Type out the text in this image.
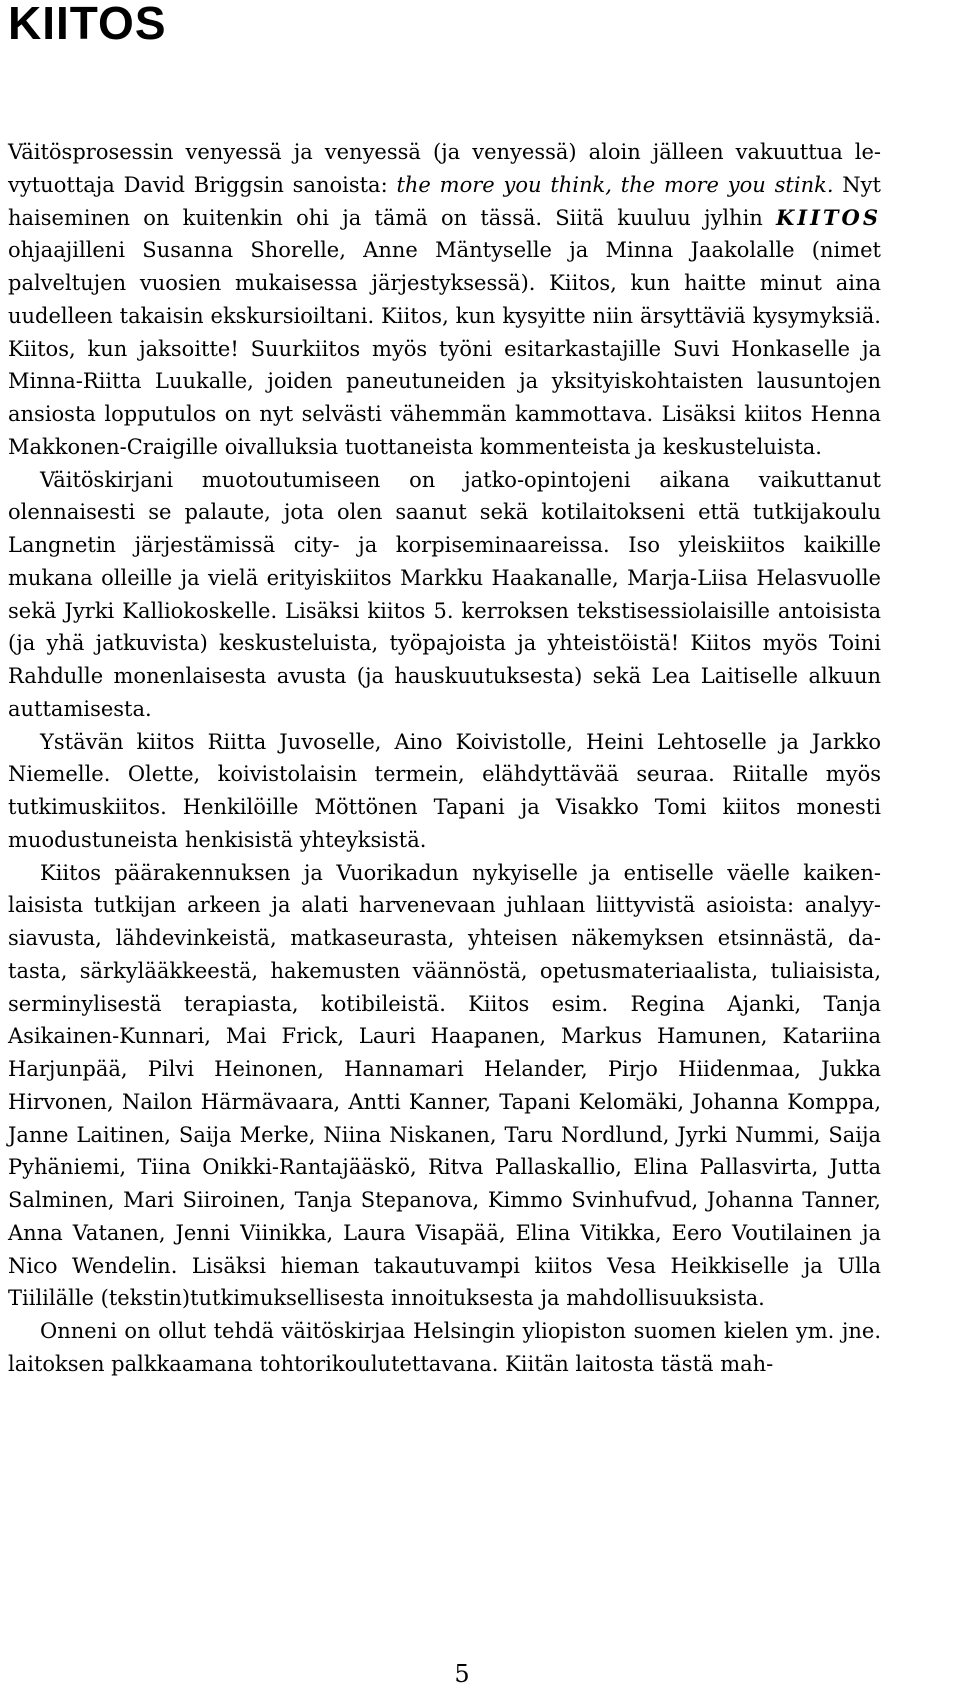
KIITOS

Väitösprosessin venyessä ja venyessä (ja venyessä) aloin jälleen vakuuttua levytuottaja David Briggsin sanoista: the more you think, the more you stink. Nyt haiseminen on kuitenkin ohi ja tämä on tässä. Siitä kuuluu jylhin KIITOS ohjaajilleni Susanna Shorelle, Anne Mäntyselle ja Minna Jaakolalle (nimet palveltujen vuosien mukaisessa järjestyksessä). Kiitos, kun haitte minut aina uudelleen takaisin ekskursioiltani. Kiitos, kun kysyitte niin ärsyttäviä kysymyksiä. Kiitos, kun jaksoitte! Suurkiitos myös työni esitarkastajille Suvi Honkaselle ja Minna-Riitta Luukalle, joiden paneutuneiden ja yksityiskohtaisten lausuntojen ansiosta lopputulos on nyt selvästi vähemmän kammottava. Lisäksi kiitos Henna Makkonen-Craigille oivalluksia tuottaneista kommenteista ja keskusteluista.

Väitöskirjani muotoutumiseen on jatko-opintojeni aikana vaikuttanut olennaisesti se palaute, jota olen saanut sekä kotilaitokseni että tutkijakoulu Langnetin järjestämissä city- ja korpiseminaareissa. Iso yleiskiitos kaikille mukana olleille ja vielä erityiskiitos Markku Haakanalle, Marja-Liisa Helasvuolle sekä Jyrki Kalliokoskelle. Lisäksi kiitos 5. kerroksen tekstisessiolaisille antoisista (ja yhä jatkuvista) keskusteluista, työpajoista ja yhteistöistä! Kiitos myös Toini Rahdulle monenlaisesta avusta (ja hauskuutuksesta) sekä Lea Laitiselle alkuun auttamisesta.

Ystävän kiitos Riitta Juvoselle, Aino Koivistolle, Heini Lehtoselle ja Jarkko Niemelle. Olette, koivistolaisin termein, elähdyttävää seuraa. Riitalle myös tutkimuskiitos. Henkilöille Möttönen Tapani ja Visakko Tomi kiitos monesti muodustuneista henkisistä yhteyksistä.

Kiitos päärakennuksen ja Vuorikadun nykyiselle ja entiselle väelle kaikenlaisista tutkijan arkeen ja alati harvenevaan juhlaan liittyvistä asioista: analyysiavusta, lähdevinkeistä, matkaseurasta, yhteisen näkemyksen etsinnästä, datasta, särkylääkkeestä, hakemusten väännöstä, opetusmateriaalista, tuliaisista, serminylisestä terapiasta, kotibileistä. Kiitos esim. Regina Ajanki, Tanja Asikainen-Kunnari, Mai Frick, Lauri Haapanen, Markus Hamunen, Katariina Harjunpää, Pilvi Heinonen, Hannamari Helander, Pirjo Hiidenmaa, Jukka Hirvonen, Nailon Härmävaara, Antti Kanner, Tapani Kelomäki, Johanna Komppa, Janne Laitinen, Saija Merke, Niina Niskanen, Taru Nordlund, Jyrki Nummi, Saija Pyhäniemi, Tiina Onikki-Rantajääskö, Ritva Pallaskallio, Elina Pallasvirta, Jutta Salminen, Mari Siiroinen, Tanja Stepanova, Kimmo Svinhufvud, Johanna Tanner, Anna Vatanen, Jenni Viinikka, Laura Visapää, Elina Vitikka, Eero Voutilainen ja Nico Wendelin. Lisäksi hieman takautuvampi kiitos Vesa Heikkiselle ja Ulla Tiililälle (tekstin)tutkimuksellisesta innoituksesta ja mahdollisuuksista.

Onneni on ollut tehdä väitöskirjaa Helsingin yliopiston suomen kielen ym. jne. laitoksen palkkaamana tohtorikoulutettavana. Kiitän laitosta tästä mah-

5
